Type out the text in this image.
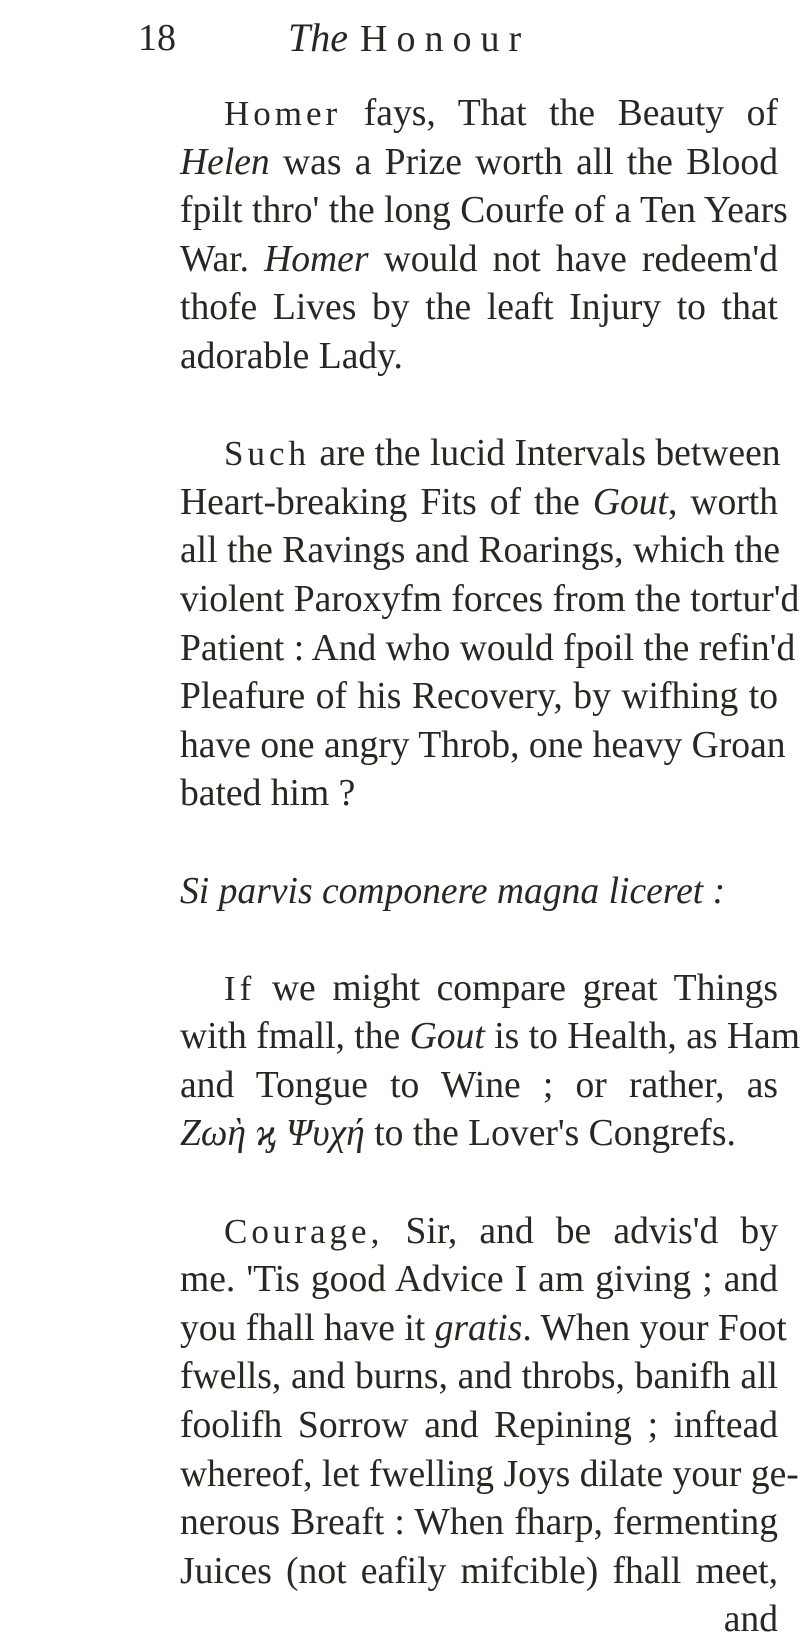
18	The Honour
Homer fays, That the Beauty of
Helen was a Prize worth all the Blood
fpilt thro' the long Courfe of a Ten Years
War. Homer would not have redeem'd
thofe Lives by the leaft Injury to that
adorable Lady.
Such are the lucid Intervals between
Heart-breaking Fits of the Gout, worth
all the Ravings and Roarings, which the
violent Paroxyfm forces from the tortur'd
Patient : And who would fpoil the refin'd
Pleafure of his Recovery, by wifhing to
have one angry Throb, one heavy Groan
bated him ?
Si parvis componere magna liceret :
If we might compare great Things
with fmall, the Gout is to Health, as Ham
and Tongue to Wine ; or rather, as
Ζωὴ ϗ Ψυχή to the Lover's Congrefs.
Courage, Sir, and be advis'd by
me. 'Tis good Advice I am giving ; and
you fhall have it gratis. When your Foot
fwells, and burns, and throbs, banifh all
foolifh Sorrow and Repining ; inftead
whereof, let fwelling Joys dilate your ge-
nerous Breaft : When fharp, fermenting
Juices (not eafily mifcible) fhall meet,
and
